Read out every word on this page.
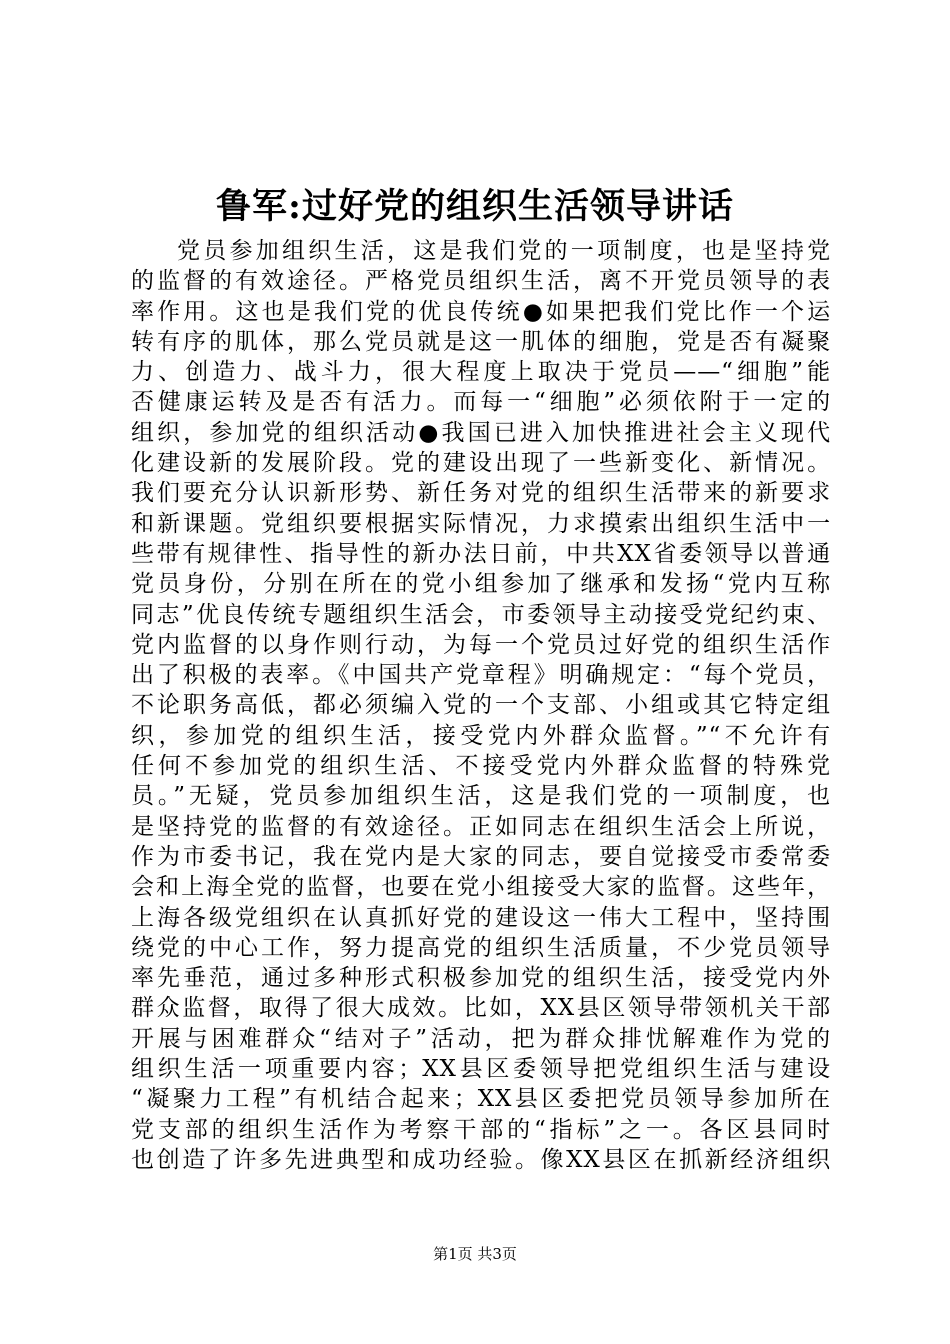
鲁军:过好党的组织生活领导讲话
党员参加组织生活，这是我们党的一项制度，也是坚持党
的监督的有效途径。严格党员组织生活，离不开党员领导的表
率作用。这也是我们党的优良传统●如果把我们党比作一个运
转有序的肌体，那么党员就是这一肌体的细胞，党是否有凝聚
力、创造力、战斗力，很大程度上取决于党员——“细胞”能
否健康运转及是否有活力。而每一“细胞”必须依附于一定的
组织，参加党的组织活动●我国已进入加快推进社会主义现代
化建设新的发展阶段。党的建设出现了一些新变化、新情况。
我们要充分认识新形势、新任务对党的组织生活带来的新要求
和新课题。党组织要根据实际情况，力求摸索出组织生活中一
些带有规律性、指导性的新办法日前，中共XX省委领导以普通
党员身份，分别在所在的党小组参加了继承和发扬“党内互称
同志”优良传统专题组织生活会，市委领导主动接受党纪约束、
党内监督的以身作则行动，为每一个党员过好党的组织生活作
出了积极的表率。《中国共产党章程》明确规定：“每个党员，
不论职务高低，都必须编入党的一个支部、小组或其它特定组
织，参加党的组织生活，接受党内外群众监督。”“不允许有
任何不参加党的组织生活、不接受党内外群众监督的特殊党
员。”无疑，党员参加组织生活，这是我们党的一项制度，也
是坚持党的监督的有效途径。正如同志在组织生活会上所说，
作为市委书记，我在党内是大家的同志，要自觉接受市委常委
会和上海全党的监督，也要在党小组接受大家的监督。这些年，
上海各级党组织在认真抓好党的建设这一伟大工程中，坚持围
绕党的中心工作，努力提高党的组织生活质量，不少党员领导
率先垂范，通过多种形式积极参加党的组织生活，接受党内外
群众监督，取得了很大成效。比如，XX县区领导带领机关干部
开展与困难群众“结对子”活动，把为群众排忧解难作为党的
组织生活一项重要内容；XX县区委领导把党组织生活与建设
“凝聚力工程”有机结合起来；XX县区委把党员领导参加所在
党支部的组织生活作为考察干部的“指标”之一。各区县同时
也创造了许多先进典型和成功经验。像XX县区在抓新经济组织
第1页 共3页
